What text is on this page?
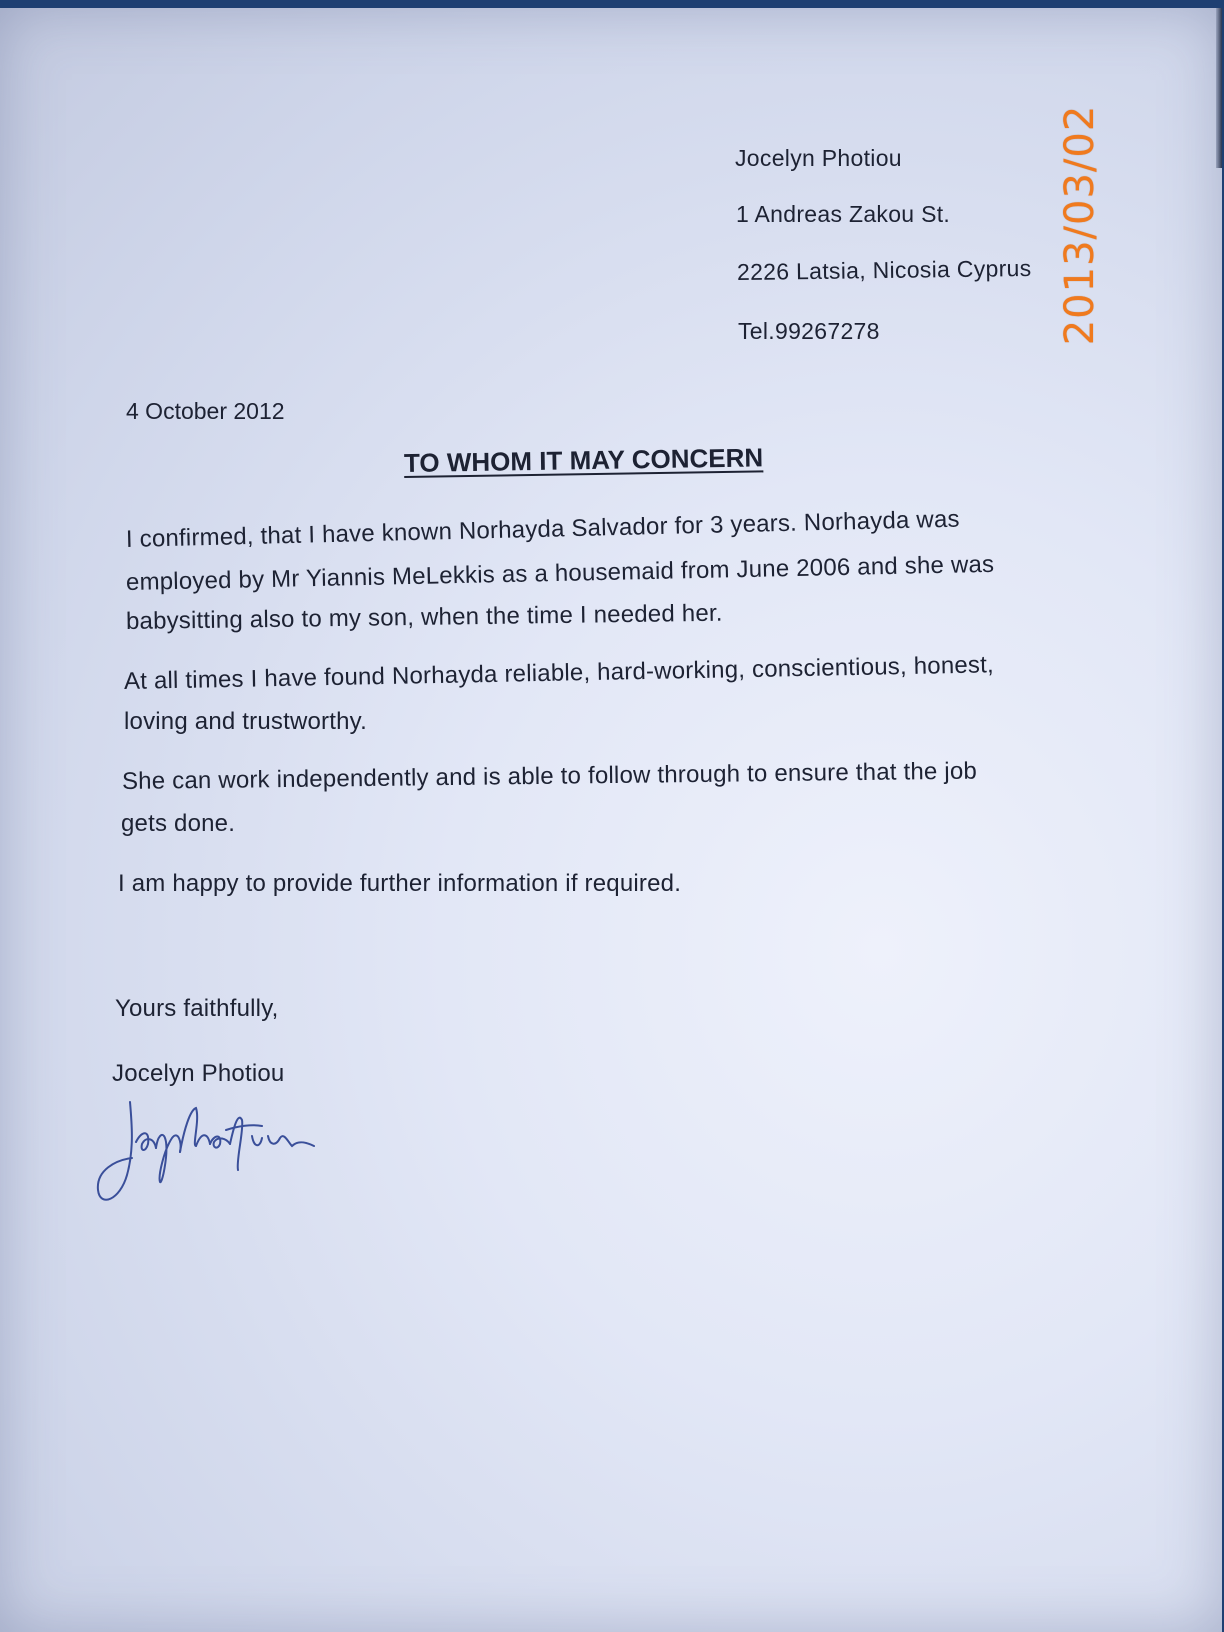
Jocelyn Photiou
1 Andreas Zakou St.
2226 Latsia, Nicosia Cyprus
Tel.99267278	2013/03/02
4 October 2012
TO WHOM IT MAY CONCERN
I confirmed, that I have known Norhayda Salvador for 3 years. Norhayda was
employed by Mr Yiannis MeLekkis as a housemaid from June 2006 and she was
babysitting also to my son, when the time I needed her.
At all times I have found Norhayda reliable, hard-working, conscientious, honest,
loving and trustworthy.
She can work independently and is able to follow through to ensure that the job
gets done.
I am happy to provide further information if required.
Yours faithfully,
Jocelyn Photiou
